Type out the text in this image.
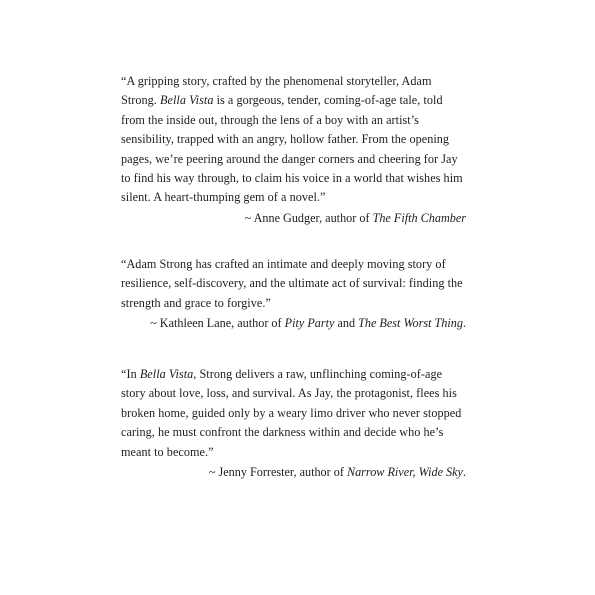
“A gripping story, crafted by the phenomenal storyteller, Adam Strong. Bella Vista is a gorgeous, tender, coming-of-age tale, told from the inside out, through the lens of a boy with an artist’s sensibility, trapped with an angry, hollow father. From the opening pages, we’re peering around the danger corners and cheering for Jay to find his way through, to claim his voice in a world that wishes him silent. A heart-thumping gem of a novel.”

~ Anne Gudger, author of The Fifth Chamber

“Adam Strong has crafted an intimate and deeply moving story of resilience, self-discovery, and the ultimate act of survival: finding the strength and grace to forgive.”

~ Kathleen Lane, author of Pity Party and The Best Worst Thing.

“In Bella Vista, Strong delivers a raw, unflinching coming-of-age story about love, loss, and survival. As Jay, the protagonist, flees his broken home, guided only by a weary limo driver who never stopped caring, he must confront the darkness within and decide who he’s meant to become.”

~ Jenny Forrester, author of Narrow River, Wide Sky.
